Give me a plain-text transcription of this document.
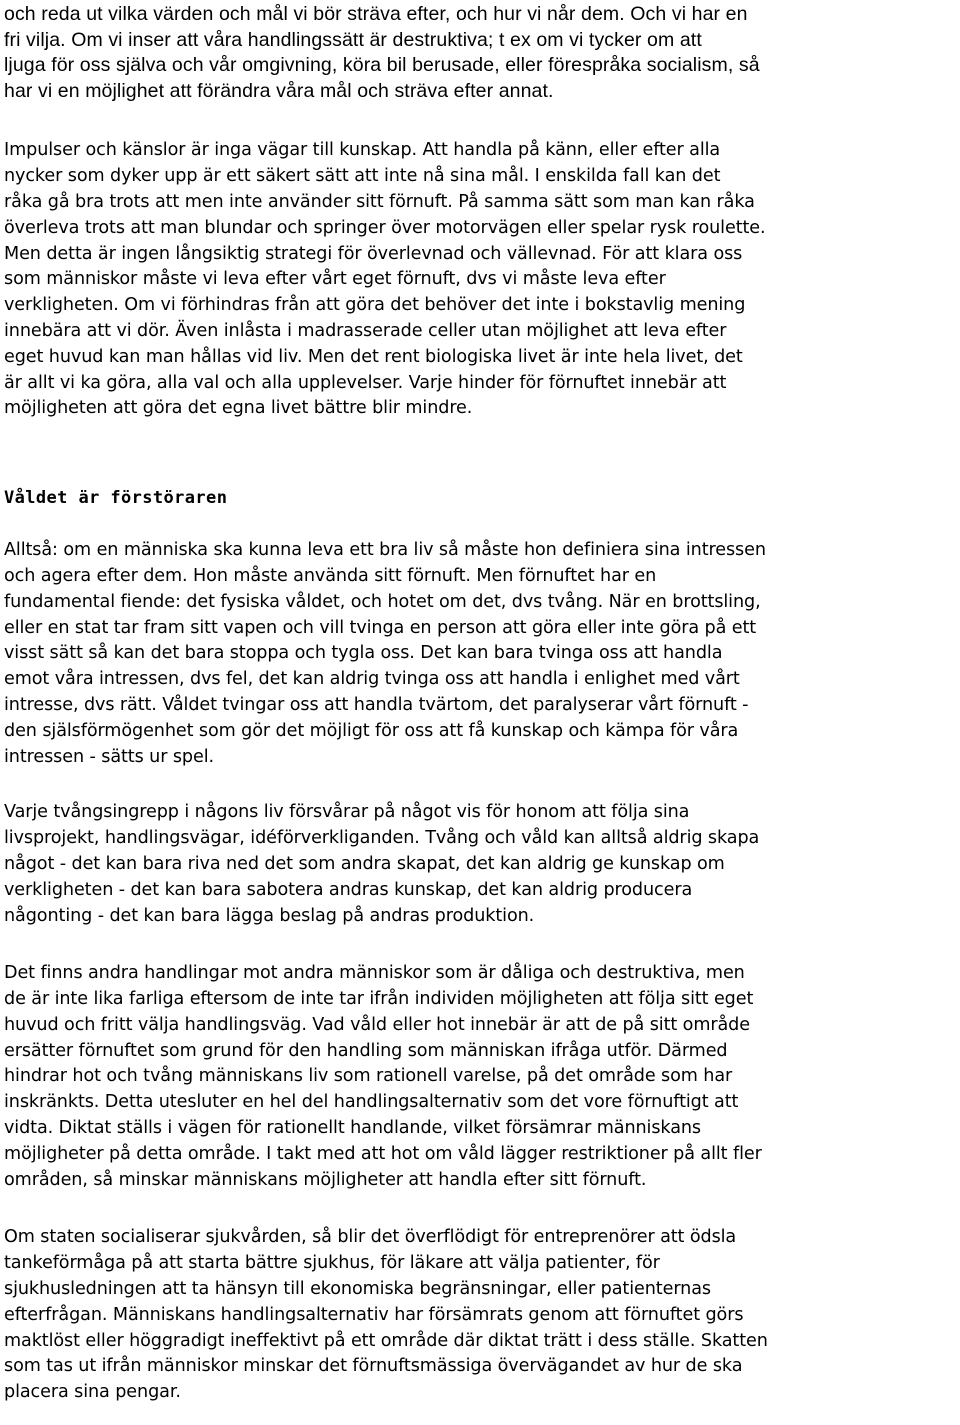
och reda ut vilka värden och mål vi bör sträva efter, och hur vi når dem. Och vi har en
fri vilja. Om vi inser att våra handlingssätt är destruktiva; t ex om vi tycker om att
ljuga för oss själva och vår omgivning, köra bil berusade, eller förespråka socialism, så
har vi en möjlighet att förändra våra mål och sträva efter annat.

Impulser och känslor är inga vägar till kunskap. Att handla på känn, eller efter alla
nycker som dyker upp är ett säkert sätt att inte nå sina mål. I enskilda fall kan det
råka gå bra trots att men inte använder sitt förnuft. På samma sätt som man kan råka
överleva trots att man blundar och springer över motorvägen eller spelar rysk roulette.
Men detta är ingen långsiktig strategi för överlevnad och vällevnad. För att klara oss
som människor måste vi leva efter vårt eget förnuft, dvs vi måste leva efter
verkligheten. Om vi förhindras från att göra det behöver det inte i bokstavlig mening
innebära att vi dör. Även inlåsta i madrasserade celler utan möjlighet att leva efter
eget huvud kan man hållas vid liv. Men det rent biologiska livet är inte hela livet, det
är allt vi ka göra, alla val och alla upplevelser. Varje hinder för förnuftet innebär att
möjligheten att göra det egna livet bättre blir mindre.

Våldet är förstöraren

Alltså: om en människa ska kunna leva ett bra liv så måste hon definiera sina intressen
och agera efter dem. Hon måste använda sitt förnuft. Men förnuftet har en
fundamental fiende: det fysiska våldet, och hotet om det, dvs tvång. När en brottsling,
eller en stat tar fram sitt vapen och vill tvinga en person att göra eller inte göra på ett
visst sätt så kan det bara stoppa och tygla oss. Det kan bara tvinga oss att handla
emot våra intressen, dvs fel, det kan aldrig tvinga oss att handla i enlighet med vårt
intresse, dvs rätt. Våldet tvingar oss att handla tvärtom, det paralyserar vårt förnuft -
den själsförmögenhet som gör det möjligt för oss att få kunskap och kämpa för våra
intressen - sätts ur spel.

Varje tvångsingrepp i någons liv försvårar på något vis för honom att följa sina
livsprojekt, handlingsvägar, idéförverkliganden. Tvång och våld kan alltså aldrig skapa
något - det kan bara riva ned det som andra skapat, det kan aldrig ge kunskap om
verkligheten - det kan bara sabotera andras kunskap, det kan aldrig producera
någonting - det kan bara lägga beslag på andras produktion.

Det finns andra handlingar mot andra människor som är dåliga och destruktiva, men
de är inte lika farliga eftersom de inte tar ifrån individen möjligheten att följa sitt eget
huvud och fritt välja handlingsväg. Vad våld eller hot innebär är att de på sitt område
ersätter förnuftet som grund för den handling som människan ifråga utför. Därmed
hindrar hot och tvång människans liv som rationell varelse, på det område som har
inskränkts. Detta utesluter en hel del handlingsalternativ som det vore förnuftigt att
vidta. Diktat ställs i vägen för rationellt handlande, vilket försämrar människans
möjligheter på detta område. I takt med att hot om våld lägger restriktioner på allt fler
områden, så minskar människans möjligheter att handla efter sitt förnuft.

Om staten socialiserar sjukvården, så blir det överflödigt för entreprenörer att ödsla
tankeförmåga på att starta bättre sjukhus, för läkare att välja patienter, för
sjukhusledningen att ta hänsyn till ekonomiska begränsningar, eller patienternas
efterfrågan. Människans handlingsalternativ har försämrats genom att förnuftet görs
maktlöst eller höggradigt ineffektivt på ett område där diktat trätt i dess ställe. Skatten
som tas ut ifrån människor minskar det förnuftsmässiga övervägandet av hur de ska
placera sina pengar.
